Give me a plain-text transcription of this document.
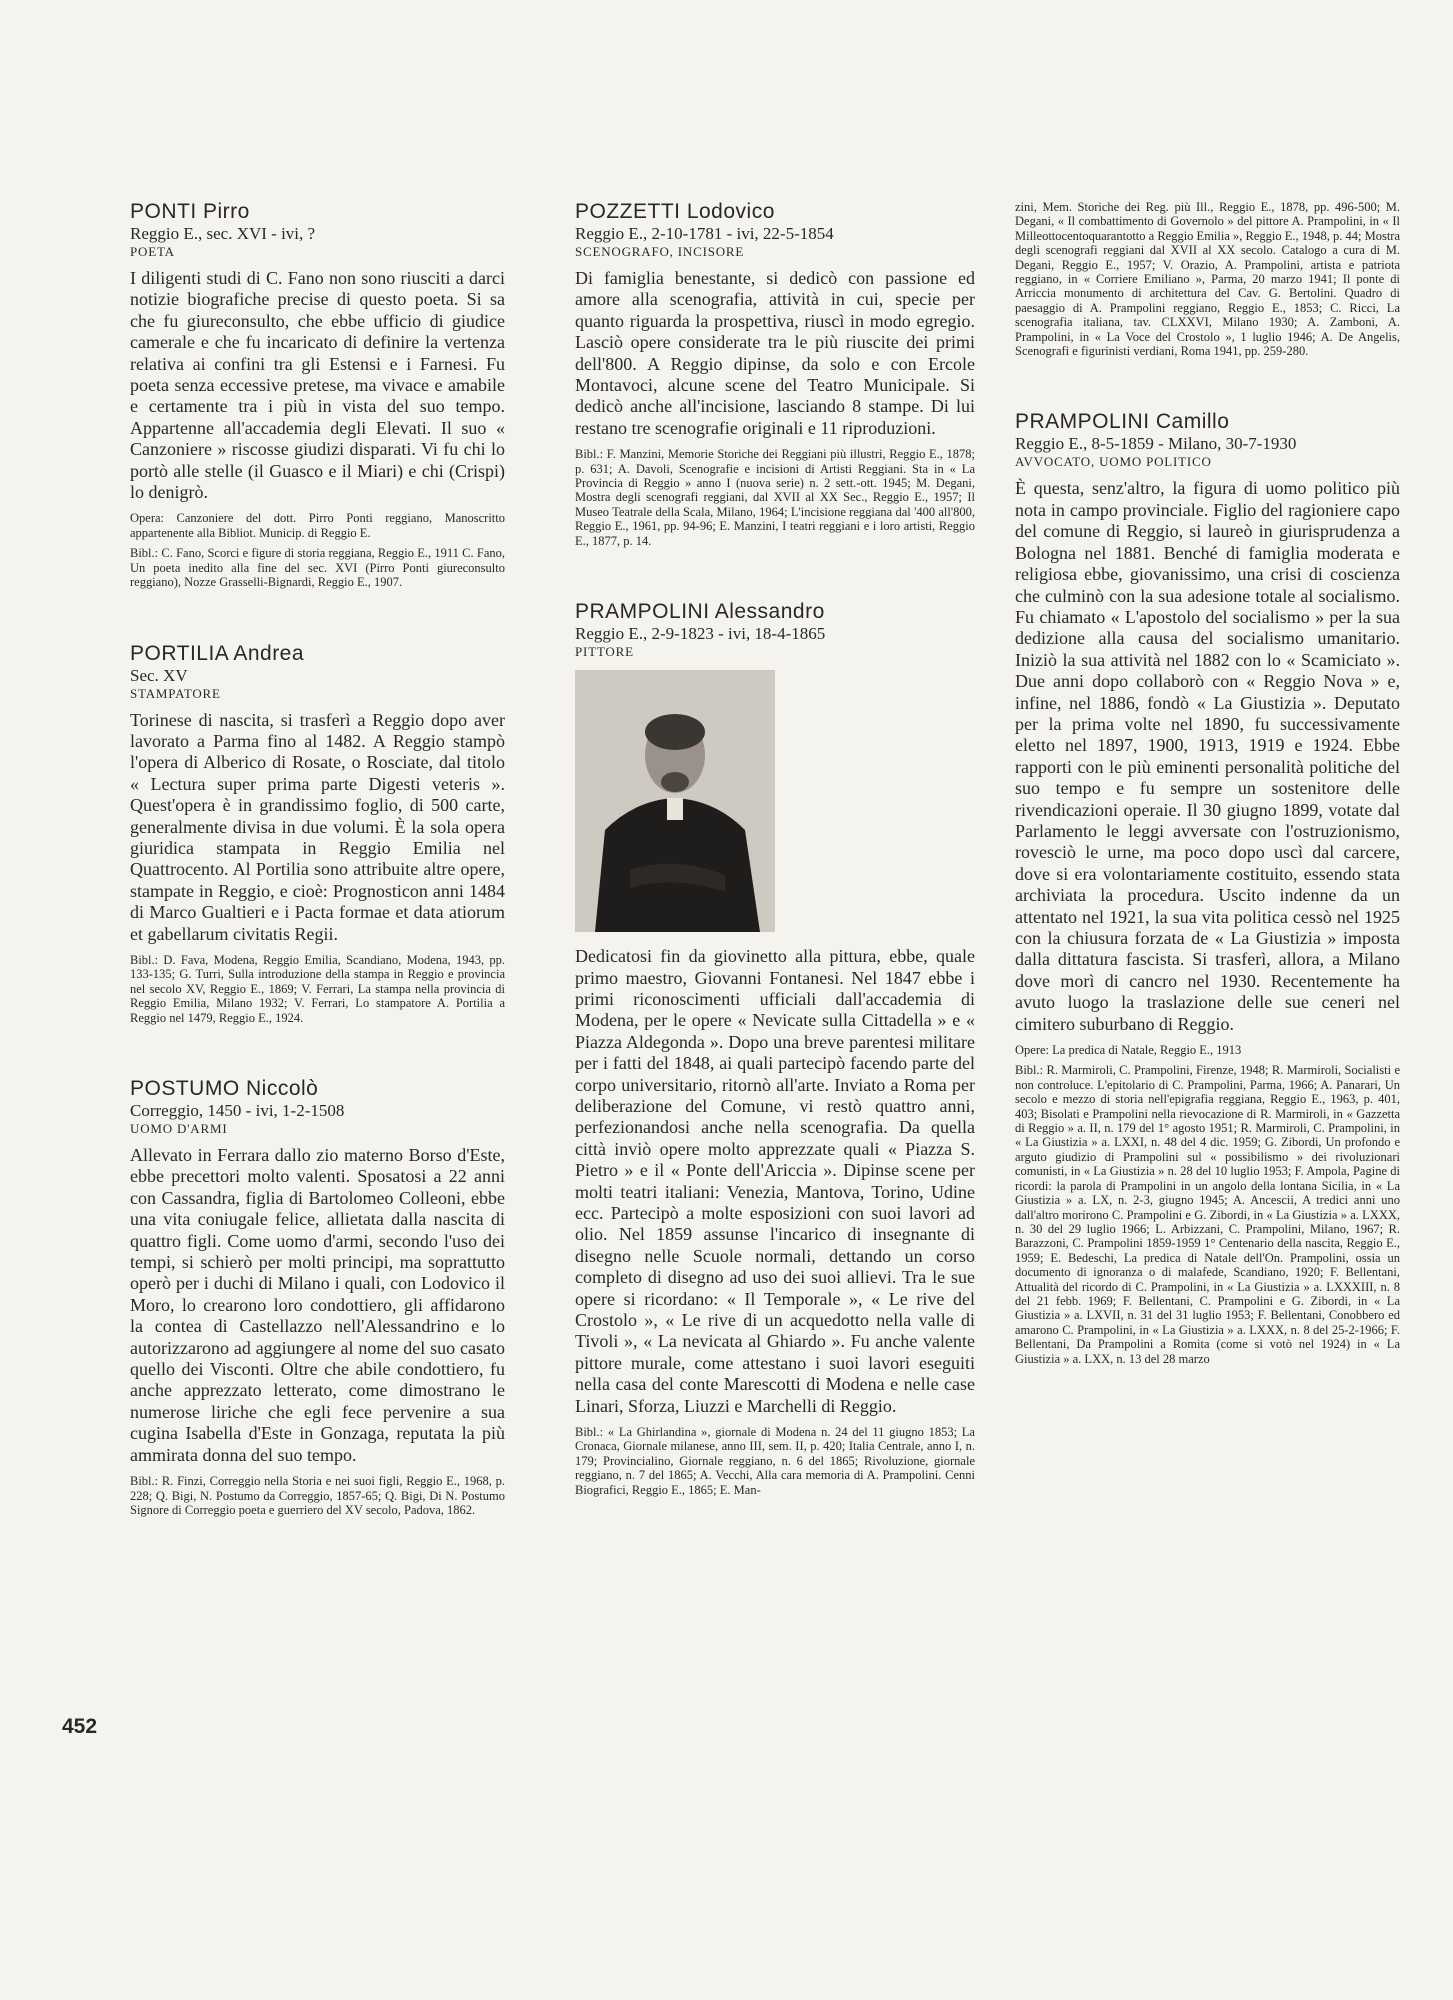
452

PONTI Pirro

Reggio E., sec. XVI - ivi, ?

POETA

I diligenti studi di C. Fano non sono riusciti a darci notizie biografiche precise di questo poeta. Si sa che fu giureconsulto, che ebbe ufficio di giudice camerale e che fu incaricato di definire la vertenza relativa ai confini tra gli Estensi e i Farnesi. Fu poeta senza eccessive pretese, ma vivace e amabile e certamente tra i più in vista del suo tempo. Appartenne all'accademia degli Elevati. Il suo « Canzoniere » riscosse giudizi disparati. Vi fu chi lo portò alle stelle (il Guasco e il Miari) e chi (Crispi) lo denigrò.

Opera: Canzoniere del dott. Pirro Ponti reggiano, Manoscritto appartenente alla Bibliot. Municip. di Reggio E.

Bibl.: C. Fano, Scorci e figure di storia reggiana, Reggio E., 1911 C. Fano, Un poeta inedito alla fine del sec. XVI (Pirro Ponti giureconsulto reggiano), Nozze Grasselli-Bignardi, Reggio E., 1907.

PORTILIA Andrea

Sec. XV

STAMPATORE

Torinese di nascita, si trasferì a Reggio dopo aver lavorato a Parma fino al 1482. A Reggio stampò l'opera di Alberico di Rosate, o Rosciate, dal titolo « Lectura super prima parte Digesti veteris ». Quest'opera è in grandissimo foglio, di 500 carte, generalmente divisa in due volumi. È la sola opera giuridica stampata in Reggio Emilia nel Quattrocento. Al Portilia sono attribuite altre opere, stampate in Reggio, e cioè: Prognosticon anni 1484 di Marco Gualtieri e i Pacta formae et data atiorum et gabellarum civitatis Regii.

Bibl.: D. Fava, Modena, Reggio Emilia, Scandiano, Modena, 1943, pp. 133-135; G. Turri, Sulla introduzione della stampa in Reggio e provincia nel secolo XV, Reggio E., 1869; V. Ferrari, La stampa nella provincia di Reggio Emilia, Milano 1932; V. Ferrari, Lo stampatore A. Portilia a Reggio nel 1479, Reggio E., 1924.

POSTUMO Niccolò

Correggio, 1450 - ivi, 1-2-1508

UOMO D'ARMI

Allevato in Ferrara dallo zio materno Borso d'Este, ebbe precettori molto valenti. Sposatosi a 22 anni con Cassandra, figlia di Bartolomeo Colleoni, ebbe una vita coniugale felice, allietata dalla nascita di quattro figli. Come uomo d'armi, secondo l'uso dei tempi, si schierò per molti principi, ma soprattutto operò per i duchi di Milano i quali, con Lodovico il Moro, lo crearono loro condottiero, gli affidarono la contea di Castellazzo nell'Alessandrino e lo autorizzarono ad aggiungere al nome del suo casato quello dei Visconti. Oltre che abile condottiero, fu anche apprezzato letterato, come dimostrano le numerose liriche che egli fece pervenire a sua cugina Isabella d'Este in Gonzaga, reputata la più ammirata donna del suo tempo.

Bibl.: R. Finzi, Correggio nella Storia e nei suoi figli, Reggio E., 1968, p. 228; Q. Bigi, N. Postumo da Correggio, 1857-65; Q. Bigi, Di N. Postumo Signore di Correggio poeta e guerriero del XV secolo, Padova, 1862.

POZZETTI Lodovico

Reggio E., 2-10-1781 - ivi, 22-5-1854

SCENOGRAFO, INCISORE

Di famiglia benestante, si dedicò con passione ed amore alla scenografia, attività in cui, specie per quanto riguarda la prospettiva, riuscì in modo egregio. Lasciò opere considerate tra le più riuscite dei primi dell'800. A Reggio dipinse, da solo e con Ercole Montavoci, alcune scene del Teatro Municipale. Si dedicò anche all'incisione, lasciando 8 stampe. Di lui restano tre scenografie originali e 11 riproduzioni.

Bibl.: F. Manzini, Memorie Storiche dei Reggiani più illustri, Reggio E., 1878; p. 631; A. Davoli, Scenografie e incisioni di Artisti Reggiani. Sta in « La Provincia di Reggio » anno I (nuova serie) n. 2 sett.-ott. 1945; M. Degani, Mostra degli scenografi reggiani, dal XVII al XX Sec., Reggio E., 1957; Il Museo Teatrale della Scala, Milano, 1964; L'incisione reggiana dal '400 all'800, Reggio E., 1961, pp. 94-96; E. Manzini, I teatri reggiani e i loro artisti, Reggio E., 1877, p. 14.

PRAMPOLINI Alessandro

Reggio E., 2-9-1823 - ivi, 18-4-1865

PITTORE

Dedicatosi fin da giovinetto alla pittura, ebbe, quale primo maestro, Giovanni Fontanesi. Nel 1847 ebbe i primi riconoscimenti ufficiali dall'accademia di Modena, per le opere « Nevicate sulla Cittadella » e « Piazza Aldegonda ». Dopo una breve parentesi militare per i fatti del 1848, ai quali partecipò facendo parte del corpo universitario, ritornò all'arte. Inviato a Roma per deliberazione del Comune, vi restò quattro anni, perfezionandosi anche nella scenografia. Da quella città inviò opere molto apprezzate quali « Piazza S. Pietro » e il « Ponte dell'Ariccia ». Dipinse scene per molti teatri italiani: Venezia, Mantova, Torino, Udine ecc. Partecipò a molte esposizioni con suoi lavori ad olio. Nel 1859 assunse l'incarico di insegnante di disegno nelle Scuole normali, dettando un corso completo di disegno ad uso dei suoi allievi. Tra le sue opere si ricordano: « Il Temporale », « Le rive del Crostolo », « Le rive di un acquedotto nella valle di Tivoli », « La nevicata al Ghiardo ». Fu anche valente pittore murale, come attestano i suoi lavori eseguiti nella casa del conte Marescotti di Modena e nelle case Linari, Sforza, Liuzzi e Marchelli di Reggio.

Bibl.: « La Ghirlandina », giornale di Modena n. 24 del 11 giugno 1853; La Cronaca, Giornale milanese, anno III, sem. II, p. 420; Italia Centrale, anno I, n. 179; Provincialino, Giornale reggiano, n. 6 del 1865; Rivoluzione, giornale reggiano, n. 7 del 1865; A. Vecchi, Alla cara memoria di A. Prampolini. Cenni Biografici, Reggio E., 1865; E. Man-

zini, Mem. Storiche dei Reg. più Ill., Reggio E., 1878, pp. 496-500; M. Degani, « Il combattimento di Governolo » del pittore A. Prampolini, in « Il Milleottocentoquarantotto a Reggio Emilia », Reggio E., 1948, p. 44; Mostra degli scenografi reggiani dal XVII al XX secolo. Catalogo a cura di M. Degani, Reggio E., 1957; V. Orazio, A. Prampolini, artista e patriota reggiano, in « Corriere Emiliano », Parma, 20 marzo 1941; Il ponte di Arriccia monumento di architettura del Cav. G. Bertolini. Quadro di paesaggio di A. Prampolini reggiano, Reggio E., 1853; C. Ricci, La scenografia italiana, tav. CLXXVI, Milano 1930; A. Zamboni, A. Prampolini, in « La Voce del Crostolo », 1 luglio 1946; A. De Angelis, Scenografi e figurinisti verdiani, Roma 1941, pp. 259-280.

PRAMPOLINI Camillo

Reggio E., 8-5-1859 - Milano, 30-7-1930

AVVOCATO, UOMO POLITICO

È questa, senz'altro, la figura di uomo politico più nota in campo provinciale. Figlio del ragioniere capo del comune di Reggio, si laureò in giurisprudenza a Bologna nel 1881. Benché di famiglia moderata e religiosa ebbe, giovanissimo, una crisi di coscienza che culminò con la sua adesione totale al socialismo. Fu chiamato « L'apostolo del socialismo » per la sua dedizione alla causa del socialismo umanitario. Iniziò la sua attività nel 1882 con lo « Scamiciato ». Due anni dopo collaborò con « Reggio Nova » e, infine, nel 1886, fondò « La Giustizia ». Deputato per la prima volte nel 1890, fu successivamente eletto nel 1897, 1900, 1913, 1919 e 1924. Ebbe rapporti con le più eminenti personalità politiche del suo tempo e fu sempre un sostenitore delle rivendicazioni operaie. Il 30 giugno 1899, votate dal Parlamento le leggi avversate con l'ostruzionismo, rovesciò le urne, ma poco dopo uscì dal carcere, dove si era volontariamente costituito, essendo stata archiviata la procedura. Uscito indenne da un attentato nel 1921, la sua vita politica cessò nel 1925 con la chiusura forzata de « La Giustizia » imposta dalla dittatura fascista. Si trasferì, allora, a Milano dove morì di cancro nel 1930. Recentemente ha avuto luogo la traslazione delle sue ceneri nel cimitero suburbano di Reggio.

Opere: La predica di Natale, Reggio E., 1913

Bibl.: R. Marmiroli, C. Prampolini, Firenze, 1948; R. Marmiroli, Socialisti e non controluce. L'epitolario di C. Prampolini, Parma, 1966; A. Panarari, Un secolo e mezzo di storia nell'epigrafia reggiana, Reggio E., 1963, p. 401, 403; Bisolati e Prampolini nella rievocazione di R. Marmiroli, in « Gazzetta di Reggio » a. II, n. 179 del 1° agosto 1951; R. Marmiroli, C. Prampolini, in « La Giustizia » a. LXXI, n. 48 del 4 dic. 1959; G. Zibordi, Un profondo e arguto giudizio di Prampolini sul « possibilismo » dei rivoluzionari comunisti, in « La Giustizia » n. 28 del 10 luglio 1953; F. Ampola, Pagine di ricordi: la parola di Prampolini in un angolo della lontana Sicilia, in « La Giustizia » a. LX, n. 2-3, giugno 1945; A. Ancescii, A tredici anni uno dall'altro morirono C. Prampolini e G. Zibordi, in « La Giustizia » a. LXXX, n. 30 del 29 luglio 1966; L. Arbizzani, C. Prampolini, Milano, 1967; R. Barazzoni, C. Prampolini 1859-1959 1° Centenario della nascita, Reggio E., 1959; E. Bedeschi, La predica di Natale dell'On. Prampolini, ossia un documento di ignoranza o di malafede, Scandiano, 1920; F. Bellentani, Attualità del ricordo di C. Prampolini, in « La Giustizia » a. LXXXIII, n. 8 del 21 febb. 1969; F. Bellentani, C. Prampolini e G. Zibordi, in « La Giustizia » a. LXVII, n. 31 del 31 luglio 1953; F. Bellentani, Conobbero ed amarono C. Prampolini, in « La Giustizia » a. LXXX, n. 8 del 25-2-1966; F. Bellentani, Da Prampolini a Romita (come si votò nel 1924) in « La Giustizia » a. LXX, n. 13 del 28 marzo
